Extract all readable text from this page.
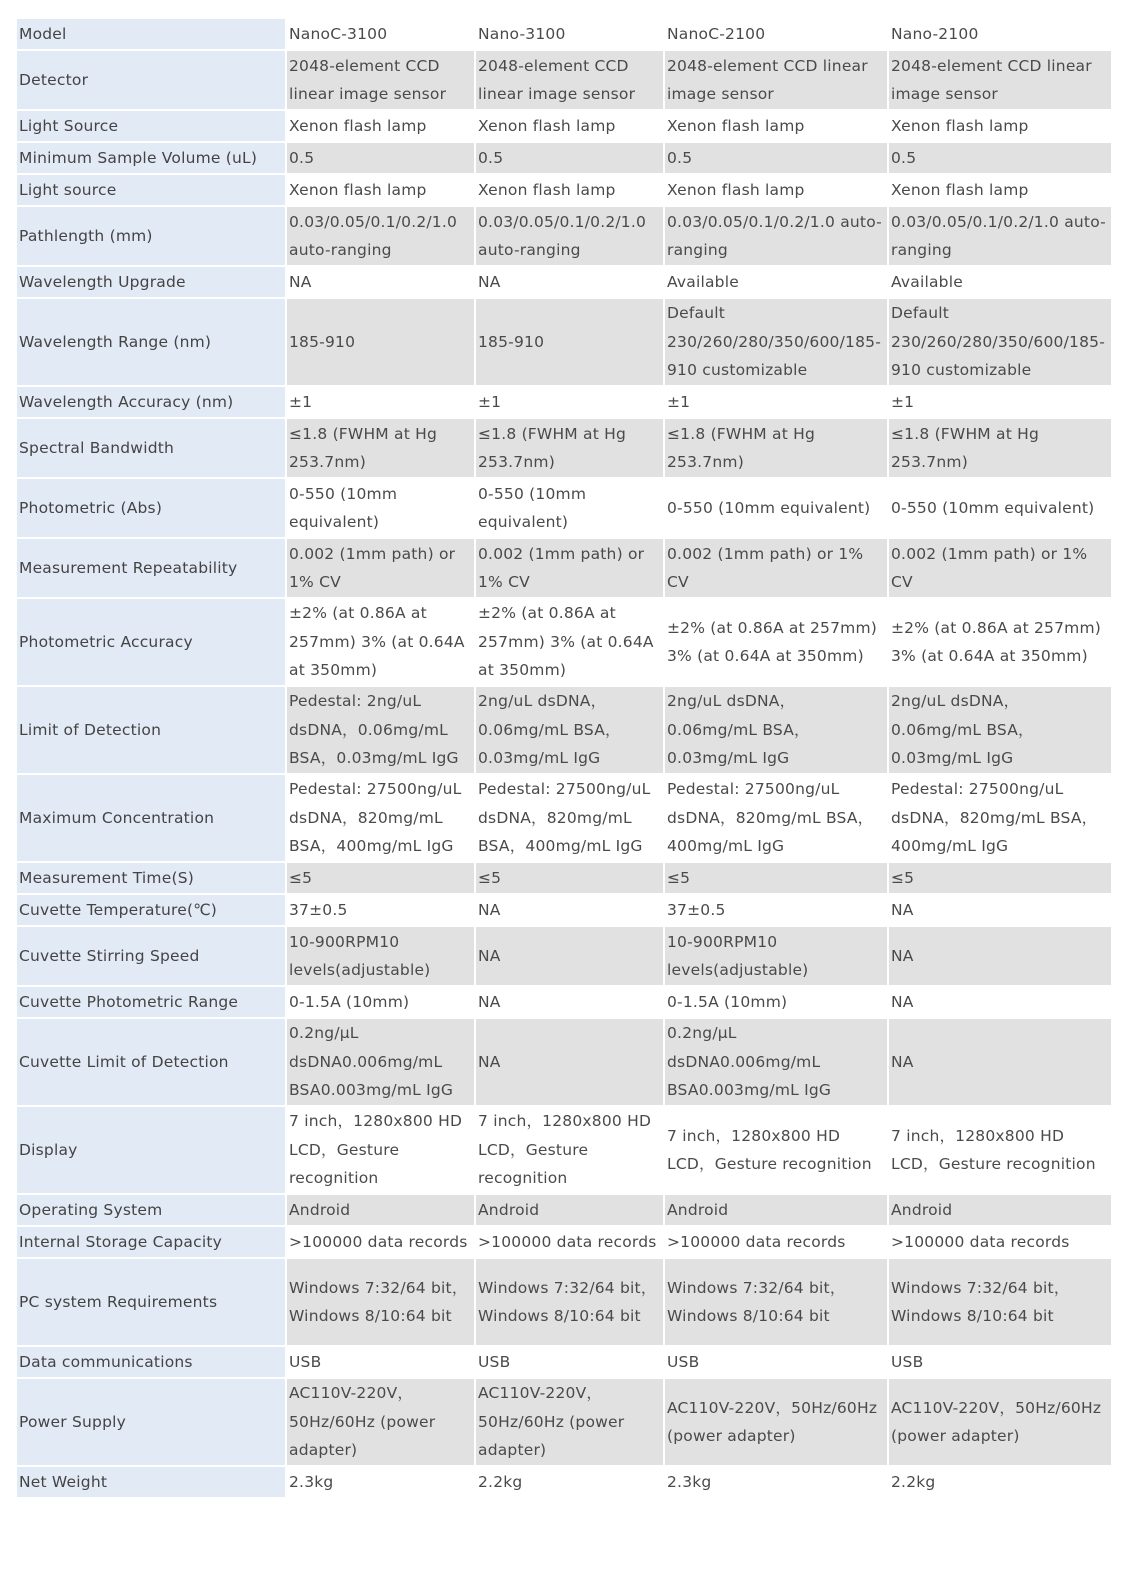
Model	NanoC-3100	Nano-3100	NanoC-2100	Nano-2100
Detector	2048-element CCD linear image sensor	2048-element CCD linear image sensor	2048-element CCD linear image sensor	2048-element CCD linear image sensor
Light Source	Xenon flash lamp	Xenon flash lamp	Xenon flash lamp	Xenon flash lamp
Minimum Sample Volume (uL)	0.5	0.5	0.5	0.5
Light source	Xenon flash lamp	Xenon flash lamp	Xenon flash lamp	Xenon flash lamp
Pathlength (mm)	0.03/0.05/0.1/0.2/1.0 auto-ranging	0.03/0.05/0.1/0.2/1.0 auto-ranging	0.03/0.05/0.1/0.2/1.0 auto-ranging	0.03/0.05/0.1/0.2/1.0 auto-ranging
Wavelength Upgrade	NA	NA	Available	Available
Wavelength Range (nm)	185-910	185-910	Default 230/260/280/350/600/185-910 customizable	Default 230/260/280/350/600/185-910 customizable
Wavelength Accuracy (nm)	±1	±1	±1	±1
Spectral Bandwidth	≤1.8 (FWHM at Hg 253.7nm)	≤1.8 (FWHM at Hg 253.7nm)	≤1.8 (FWHM at Hg 253.7nm)	≤1.8 (FWHM at Hg 253.7nm)
Photometric (Abs)	0-550 (10mm equivalent)	0-550 (10mm equivalent)	0-550 (10mm equivalent)	0-550 (10mm equivalent)
Measurement Repeatability	0.002 (1mm path) or 1% CV	0.002 (1mm path) or 1% CV	0.002 (1mm path) or 1% CV	0.002 (1mm path) or 1% CV
Photometric Accuracy	±2% (at 0.86A at 257mm) 3% (at 0.64A at 350mm)	±2% (at 0.86A at 257mm) 3% (at 0.64A at 350mm)	±2% (at 0.86A at 257mm) 3% (at 0.64A at 350mm)	±2% (at 0.86A at 257mm) 3% (at 0.64A at 350mm)
Limit of Detection	Pedestal: 2ng/uL dsDNA，0.06mg/mL BSA，0.03mg/mL IgG	2ng/uL dsDNA，0.06mg/mL BSA，0.03mg/mL IgG	2ng/uL dsDNA，0.06mg/mL BSA，0.03mg/mL IgG	2ng/uL dsDNA，0.06mg/mL BSA，0.03mg/mL IgG
Maximum Concentration	Pedestal: 27500ng/uL dsDNA，820mg/mL BSA，400mg/mL IgG	Pedestal: 27500ng/uL dsDNA，820mg/mL BSA，400mg/mL IgG	Pedestal: 27500ng/uL dsDNA，820mg/mL BSA，400mg/mL IgG	Pedestal: 27500ng/uL dsDNA，820mg/mL BSA，400mg/mL IgG
Measurement Time(S)	≤5	≤5	≤5	≤5
Cuvette Temperature(℃)	37±0.5	NA	37±0.5	NA
Cuvette Stirring Speed	10-900RPM10 levels(adjustable)	NA	10-900RPM10 levels(adjustable)	NA
Cuvette Photometric Range	0-1.5A (10mm)	NA	0-1.5A (10mm)	NA
Cuvette Limit of Detection	0.2ng/μL dsDNA0.006mg/mL BSA0.003mg/mL IgG	NA	0.2ng/μL dsDNA0.006mg/mL BSA0.003mg/mL IgG	NA
Display	7 inch，1280x800 HD LCD，Gesture recognition	7 inch，1280x800 HD LCD，Gesture recognition	7 inch，1280x800 HD LCD，Gesture recognition	7 inch，1280x800 HD LCD，Gesture recognition
Operating System	Android	Android	Android	Android
Internal Storage Capacity	>100000 data records	>100000 data records	>100000 data records	>100000 data records
PC system Requirements	Windows 7:32/64 bit，Windows 8/10:64 bit	Windows 7:32/64 bit，Windows 8/10:64 bit	Windows 7:32/64 bit，Windows 8/10:64 bit	Windows 7:32/64 bit，Windows 8/10:64 bit
Data communications	USB	USB	USB	USB
Power Supply	AC110V-220V，50Hz/60Hz (power adapter)	AC110V-220V，50Hz/60Hz (power adapter)	AC110V-220V，50Hz/60Hz (power adapter)	AC110V-220V，50Hz/60Hz (power adapter)
Net Weight	2.3kg	2.2kg	2.3kg	2.2kg
